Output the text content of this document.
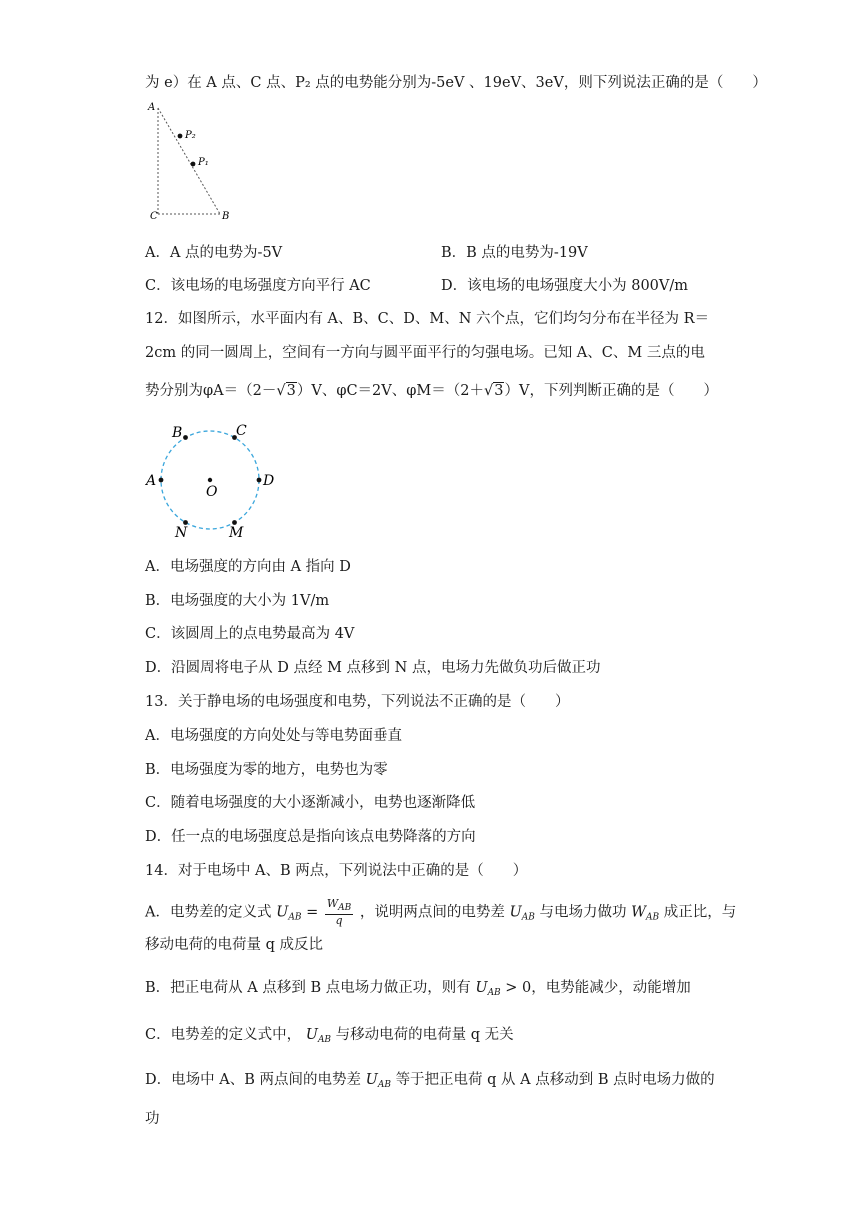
为 e）在 A 点、C 点、P₂ 点的电势能分别为-5eV 、19eV、3eV，则下列说法正确的是（　　）
A
P₂
P₁
C	B
A．A 点的电势为-5V	B．B 点的电势为-19V
C．该电场的电场强度方向平行 AC	D．该电场的电场强度大小为 800V/m
12．如图所示，水平面内有 A、B、C、D、M、N 六个点，它们均匀分布在半径为 R＝
2cm 的同一圆周上，空间有一方向与圆平面平行的匀强电场。已知 A、C、M 三点的电
势分别为φA＝（2－√3）V、φC＝2V、φM＝（2＋√3）V，下列判断正确的是（　　）
B	C
A
O
D
N	M
A．电场强度的方向由 A 指向 D
B．电场强度的大小为 1V/m
C．该圆周上的点电势最高为 4V
D．沿圆周将电子从 D 点经 M 点移到 N 点，电场力先做负功后做正功
13．关于静电场的电场强度和电势，下列说法不正确的是（　　）
A．电场强度的方向处处与等电势面垂直
B．电场强度为零的地方，电势也为零
C．随着电场强度的大小逐渐减小，电势也逐渐降低
D．任一点的电场强度总是指向该点电势降落的方向
14．对于电场中 A、B 两点，下列说法中正确的是（　　）
A．电势差的定义式 $U_{AB} = \frac{W_{AB}}{q}$ ，说明两点间的电势差 $U_{AB}$ 与电场力做功 $W_{AB}$ 成正比，与
移动电荷的电荷量 q 成反比
B．把正电荷从 A 点移到 B 点电场力做正功，则有 $U_{AB} > 0$，电势能减少，动能增加
C．电势差的定义式中， $U_{AB}$ 与移动电荷的电荷量 q 无关
D．电场中 A、B 两点间的电势差 $U_{AB}$ 等于把正电荷 q 从 A 点移动到 B 点时电场力做的
功
